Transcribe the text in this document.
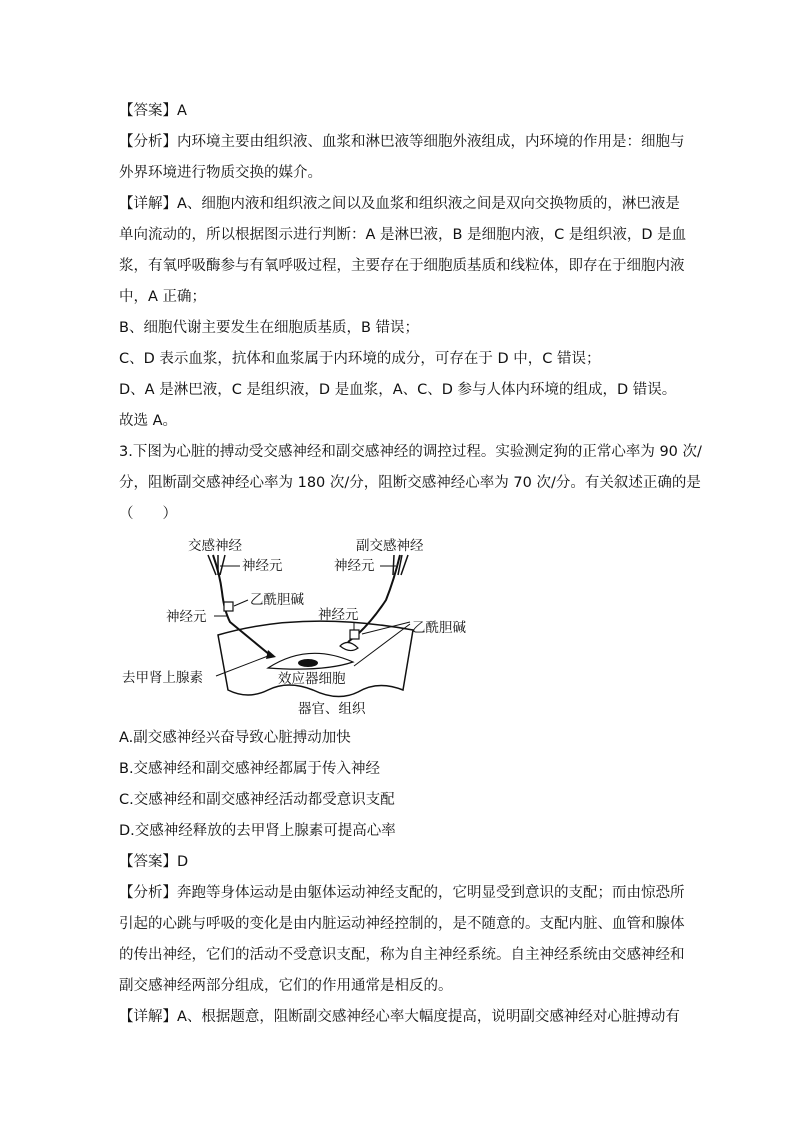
【答案】A
【分析】内环境主要由组织液、血浆和淋巴液等细胞外液组成，内环境的作用是：细胞与
外界环境进行物质交换的媒介。
【详解】A、细胞内液和组织液之间以及血浆和组织液之间是双向交换物质的，淋巴液是
单向流动的，所以根据图示进行判断：A 是淋巴液，B 是细胞内液，C 是组织液，D 是血
浆，有氧呼吸酶参与有氧呼吸过程，主要存在于细胞质基质和线粒体，即存在于细胞内液
中，A 正确；
B、细胞代谢主要发生在细胞质基质，B 错误；
C、D 表示血浆，抗体和血浆属于内环境的成分，可存在于 D 中，C 错误；
D、A 是淋巴液，C 是组织液，D 是血浆，A、C、D 参与人体内环境的组成，D 错误。
故选 A。
3.下图为心脏的搏动受交感神经和副交感神经的调控过程。实验测定狗的正常心率为 90 次/
分，阻断副交感神经心率为 180 次/分，阻断交感神经心率为 70 次/分。有关叙述正确的是
（　　）
交感神经	副交感神经
神经元	神经元
乙酰胆碱
神经元	神经元
乙酰胆碱
去甲肾上腺素	效应器细胞
器官、组织
A.副交感神经兴奋导致心脏搏动加快
B.交感神经和副交感神经都属于传入神经
C.交感神经和副交感神经活动都受意识支配
D.交感神经释放的去甲肾上腺素可提高心率
【答案】D
【分析】奔跑等身体运动是由躯体运动神经支配的，它明显受到意识的支配；而由惊恐所
引起的心跳与呼吸的变化是由内脏运动神经控制的，是不随意的。支配内脏、血管和腺体
的传出神经，它们的活动不受意识支配，称为自主神经系统。自主神经系统由交感神经和
副交感神经两部分组成，它们的作用通常是相反的。
【详解】A、根据题意，阻断副交感神经心率大幅度提高，说明副交感神经对心脏搏动有
